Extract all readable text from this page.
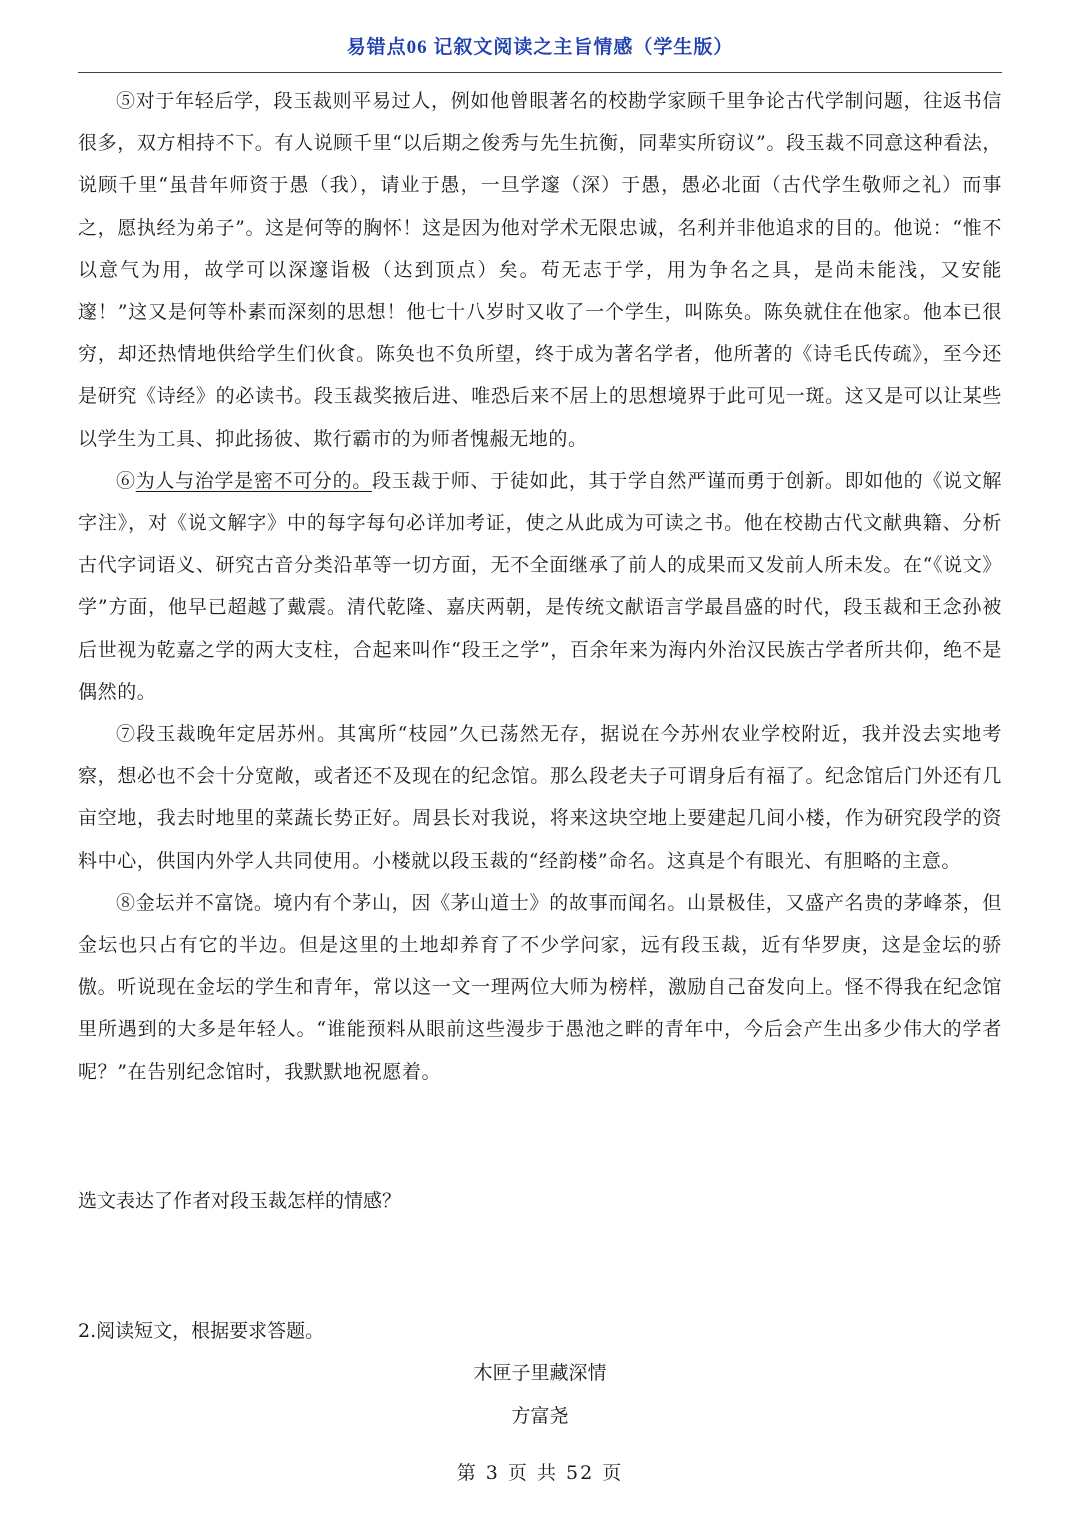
易错点06 记叙文阅读之主旨情感（学生版）

⑤对于年轻后学，段玉裁则平易过人，例如他曾眼著名的校勘学家顾千里争论古代学制问题，往返书信很多，双方相持不下。有人说顾千里“以后期之俊秀与先生抗衡，同辈实所窃议”。段玉裁不同意这种看法，说顾千里“虽昔年师资于愚（我），请业于愚，一旦学邃（深）于愚，愚必北面（古代学生敬师之礼）而事之，愿执经为弟子”。这是何等的胸怀！这是因为他对学术无限忠诚，名利并非他追求的目的。他说：“惟不以意气为用，故学可以深邃诣极（达到顶点）矣。苟无志于学，用为争名之具，是尚未能浅，又安能邃！”这又是何等朴素而深刻的思想！他七十八岁时又收了一个学生，叫陈奂。陈奂就住在他家。他本已很穷，却还热情地供给学生们伙食。陈奂也不负所望，终于成为著名学者，他所著的《诗毛氏传疏》，至今还是研究《诗经》的必读书。段玉裁奖掖后进、唯恐后来不居上的思想境界于此可见一斑。这又是可以让某些以学生为工具、抑此扬彼、欺行霸市的为师者愧赧无地的。

⑥为人与治学是密不可分的。段玉裁于师、于徒如此，其于学自然严谨而勇于创新。即如他的《说文解字注》，对《说文解字》中的每字每句必详加考证，使之从此成为可读之书。他在校勘古代文献典籍、分析古代字词语义、研究古音分类沿革等一切方面，无不全面继承了前人的成果而又发前人所未发。在“《说文》学”方面，他早已超越了戴震。清代乾隆、嘉庆两朝，是传统文献语言学最昌盛的时代，段玉裁和王念孙被后世视为乾嘉之学的两大支柱，合起来叫作“段王之学”，百余年来为海内外治汉民族古学者所共仰，绝不是偶然的。

⑦段玉裁晚年定居苏州。其寓所“枝园”久已荡然无存，据说在今苏州农业学校附近，我并没去实地考察，想必也不会十分宽敞，或者还不及现在的纪念馆。那么段老夫子可谓身后有福了。纪念馆后门外还有几亩空地，我去时地里的菜蔬长势正好。周县长对我说，将来这块空地上要建起几间小楼，作为研究段学的资料中心，供国内外学人共同使用。小楼就以段玉裁的“经韵楼”命名。这真是个有眼光、有胆略的主意。

⑧金坛并不富饶。境内有个茅山，因《茅山道士》的故事而闻名。山景极佳，又盛产名贵的茅峰茶，但金坛也只占有它的半边。但是这里的土地却养育了不少学问家，远有段玉裁，近有华罗庚，这是金坛的骄傲。听说现在金坛的学生和青年，常以这一文一理两位大师为榜样，激励自己奋发向上。怪不得我在纪念馆里所遇到的大多是年轻人。“谁能预料从眼前这些漫步于愚池之畔的青年中，今后会产生出多少伟大的学者呢？”在告别纪念馆时，我默默地祝愿着。

选文表达了作者对段玉裁怎样的情感？
2.阅读短文，根据要求答题。
木匣子里藏深情
方富尧
第 3 页 共 52 页
